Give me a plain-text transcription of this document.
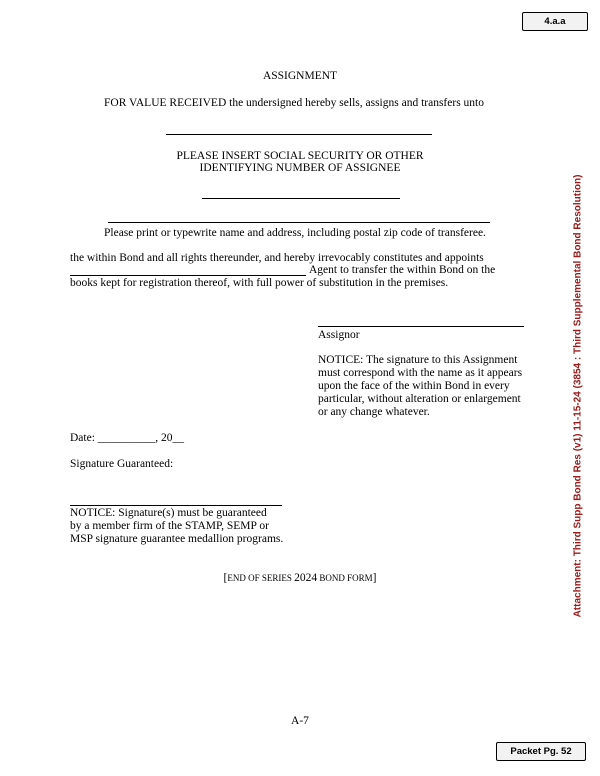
4.a.a
Attachment: Third Supp Bond Res (v1) 11-15-24 (3854 : Third Supplemental Bond Resolution)
ASSIGNMENT
FOR VALUE RECEIVED the undersigned hereby sells, assigns and transfers unto
PLEASE INSERT SOCIAL SECURITY OR OTHER
IDENTIFYING NUMBER OF ASSIGNEE
Please print or typewrite name and address, including postal zip code of transferee.
the within Bond and all rights thereunder, and hereby irrevocably constitutes and appoints
Agent to transfer the within Bond on the
books kept for registration thereof, with full power of substitution in the premises.
Assignor
NOTICE: The signature to this Assignment
must correspond with the name as it appears
upon the face of the within Bond in every
particular, without alteration or enlargement
or any change whatever.
Date: __________, 20__
Signature Guaranteed:
NOTICE: Signature(s) must be guaranteed
by a member firm of the STAMP, SEMP or
MSP signature guarantee medallion programs.
[END OF SERIES 2024 BOND FORM]
A-7
Packet Pg. 52
